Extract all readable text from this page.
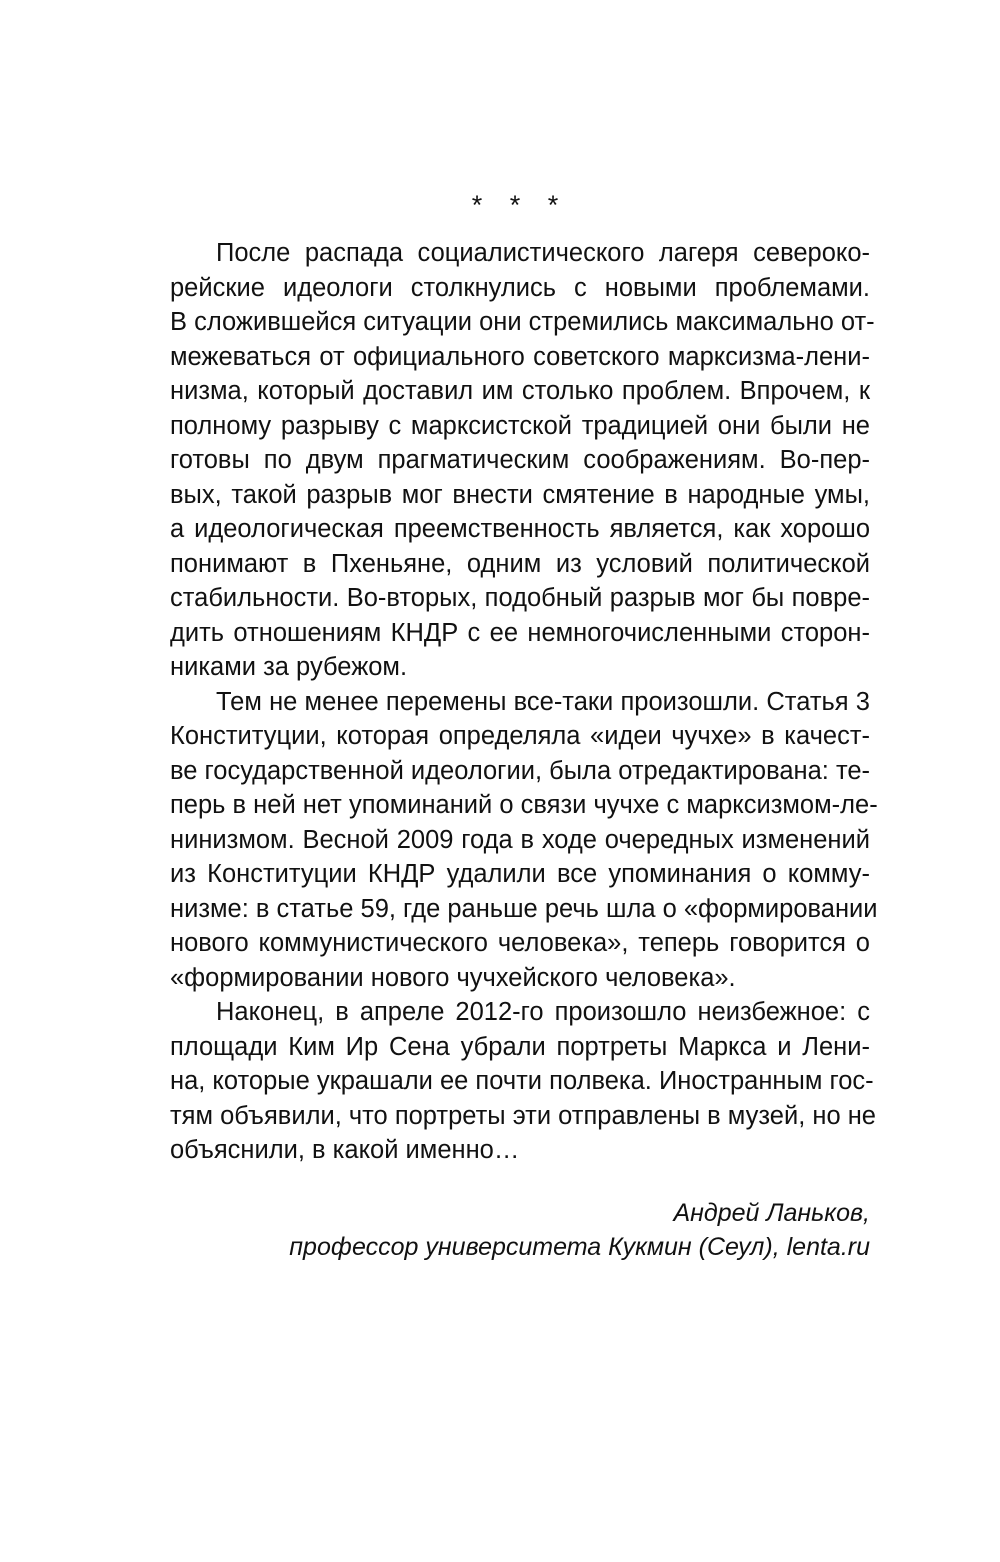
* * *
После распада социалистического лагеря северoко-
рейские идеологи столкнулись с новыми проблемами.
В сложившейся ситуации они стремились максимально от-
межеваться от официального советского марксизма-лени-
низма, который доставил им столько проблем. Впрочем, к
полному разрыву с марксистской традицией они были не
готовы по двум прагматическим соображениям. Во-пер-
вых, такой разрыв мог внести смятение в народные умы,
а идеологическая преемственность является, как хорошо
понимают в Пхеньяне, одним из условий политической
стабильности. Во-вторых, подобный разрыв мог бы повре-
дить отношениям КНДР с ее немногочисленными сторон-
никами за рубежом.
Тем не менее перемены все-таки произошли. Статья 3
Конституции, которая определяла «идеи чучхе» в качест-
ве государственной идеологии, была отредактирована: те-
перь в ней нет упоминаний о связи чучхе с марксизмом-ле-
нинизмом. Весной 2009 года в ходе очередных изменений
из Конституции КНДР удалили все упоминания о комму-
низме: в статье 59, где раньше речь шла о «формировании
нового коммунистического человека», теперь говорится о
«формировании нового чучхейского человека».
Наконец, в апреле 2012-го произошло неизбежное: с
площади Ким Ир Сена убрали портреты Маркса и Лени-
на, которые украшали ее почти полвека. Иностранным гос-
тям объявили, что портреты эти отправлены в музей, но не
объяснили, в какой именно…
Андрей Ланьков,
профессор университета Кукмин (Сеул), lenta.ru
